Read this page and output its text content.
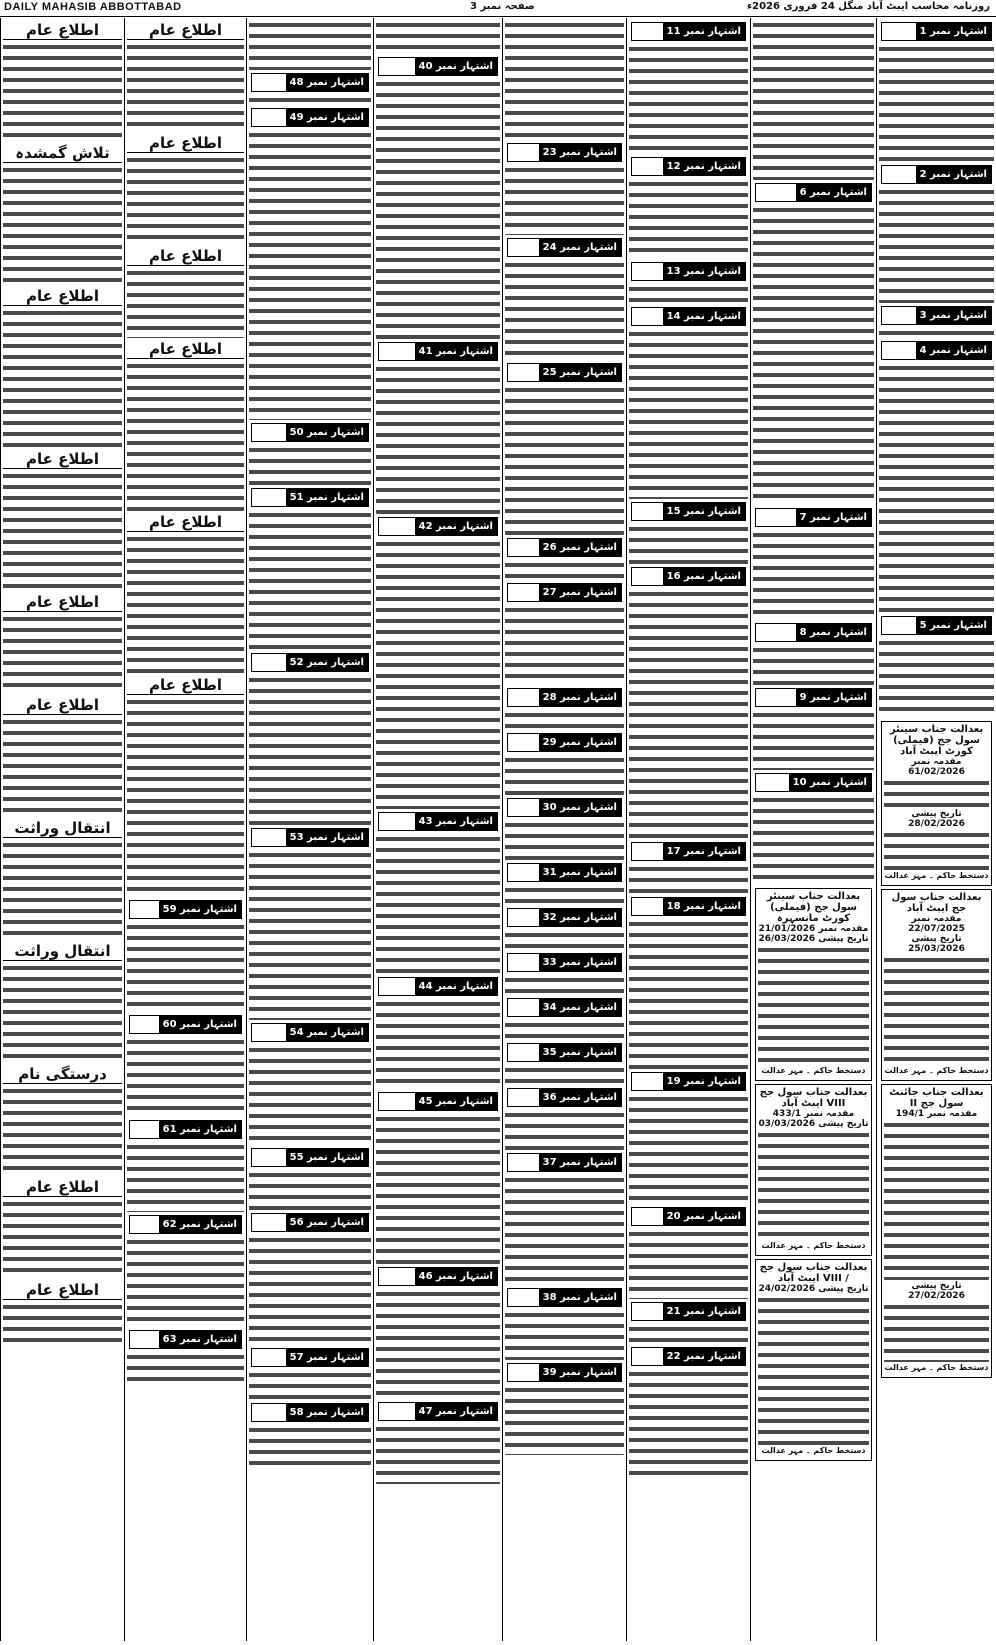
DAILY MAHASIB ABBOTTABAD	صفحہ نمبر 3	روزنامہ محاسب ایبٹ آباد منگل 24 فروری 2026ء
اشتہار نمبر 1
اشتہار نمبر 2
اشتہار نمبر 3
اشتہار نمبر 4
اشتہار نمبر 5
بعدالت جناب سینئر سول جج (فیملی) کورٹ ایبٹ آباد
مقدمہ نمبر 61/02/2026
تاریخ پیشی 28/02/2026
دستخط حاکم ۔ مہر عدالت
بعدالت جناب سول جج ایبٹ آباد
مقدمہ نمبر 22/07/2025
تاریخ پیشی 25/03/2026
دستخط حاکم ۔ مہر عدالت
بعدالت جناب جائنٹ سول جج II
مقدمہ نمبر 194/1
تاریخ پیشی 27/02/2026
دستخط حاکم ۔ مہر عدالت
اشتہار نمبر 6
اشتہار نمبر 7
اشتہار نمبر 8
اشتہار نمبر 9
اشتہار نمبر 10
بعدالت جناب سینئر سول جج (فیملی) کورٹ مانسہرہ
مقدمہ نمبر 21/01/2026
تاریخ پیشی 26/03/2026
دستخط حاکم ۔ مہر عدالت
بعدالت جناب سول جج VIII ایبٹ آباد
مقدمہ نمبر 433/1
تاریخ پیشی 03/03/2026
دستخط حاکم ۔ مہر عدالت
بعدالت جناب سول جج / VIII ایبٹ آباد
تاریخ پیشی 24/02/2026
دستخط حاکم ۔ مہر عدالت
اشتہار نمبر 11
اشتہار نمبر 12
اشتہار نمبر 13
اشتہار نمبر 14
اشتہار نمبر 15
اشتہار نمبر 16
اشتہار نمبر 17
اشتہار نمبر 18
اشتہار نمبر 19
اشتہار نمبر 20
اشتہار نمبر 21
اشتہار نمبر 22
اشتہار نمبر 23
اشتہار نمبر 24
اشتہار نمبر 25
اشتہار نمبر 26
اشتہار نمبر 27
اشتہار نمبر 28
اشتہار نمبر 29
اشتہار نمبر 30
اشتہار نمبر 31
اشتہار نمبر 32
اشتہار نمبر 33
اشتہار نمبر 34
اشتہار نمبر 35
اشتہار نمبر 36
اشتہار نمبر 37
اشتہار نمبر 38
اشتہار نمبر 39
اشتہار نمبر 40
اشتہار نمبر 41
اشتہار نمبر 42
اشتہار نمبر 43
اشتہار نمبر 44
اشتہار نمبر 45
اشتہار نمبر 46
اشتہار نمبر 47
اشتہار نمبر 48
اشتہار نمبر 49
اشتہار نمبر 50
اشتہار نمبر 51
اشتہار نمبر 52
اشتہار نمبر 53
اشتہار نمبر 54
اشتہار نمبر 55
اشتہار نمبر 56
اشتہار نمبر 57
اشتہار نمبر 58
اطلاع عام
اطلاع عام
اطلاع عام
اطلاع عام
اطلاع عام
اطلاع عام
اشتہار نمبر 59
اشتہار نمبر 60
اشتہار نمبر 61
اشتہار نمبر 62
اشتہار نمبر 63
اطلاع عام
تلاش گمشدہ
اطلاع عام
اطلاع عام
اطلاع عام
اطلاع عام
انتقال وراثت
انتقال وراثت
درستگی نام
اطلاع عام
اطلاع عام
